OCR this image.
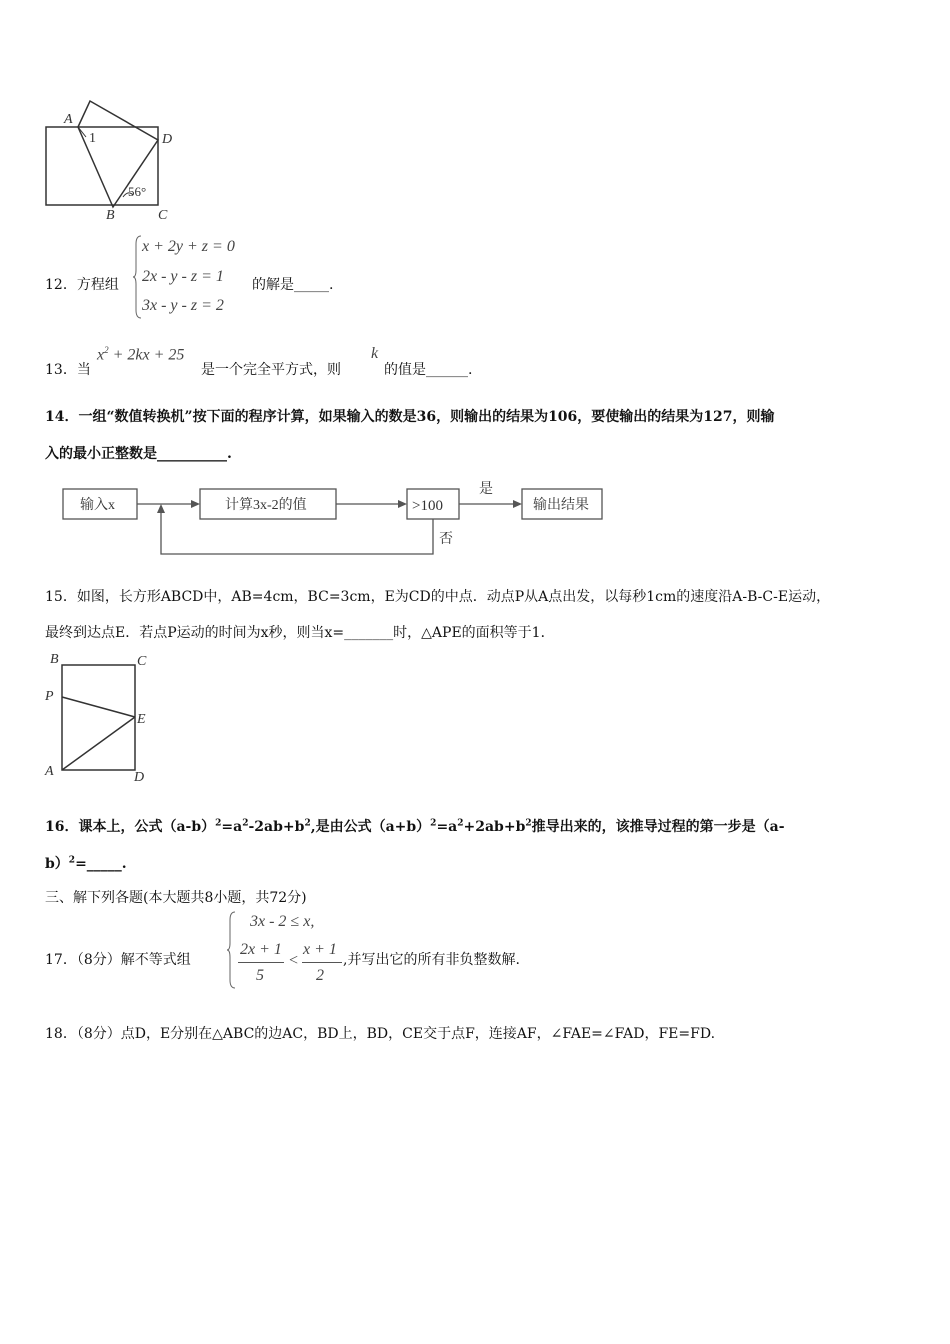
A
1	D
56°
B	C
12．方程组
x + 2y + z = 0
2x - y - z = 1
3x - y - z = 2
的解是_____.
13．当
$x^2 + 2kx + 25$
是一个完全平方式，则
k
的值是______.
14．一组“数值转换机”按下面的程序计算，如果输入的数是36，则输出的结果为106，要使输出的结果为127，则输
入的最小正整数是__________.
输入x	计算3x-2的值	>100	输出结果
是
否
15．如图，长方形ABCD中，AB=4cm，BC=3cm，E为CD的中点．动点P从A点出发，以每秒1cm的速度沿A-B-C-E运动，
最终到达点E．若点P运动的时间为x秒，则当x=_______时，△APE的面积等于1．
B	C
P
E
A	D
16．课本上，公式$(a-b)^2=a^2-2ab+b^2$,是由公式$(a+b)^2=a^2+2ab+b^2$推导出来的，该推导过程的第一步是（a-
b）$^2$=_____.
三、解下列各题(本大题共8小题，共72分)
17．（8分）解不等式组
3x - 2 ≤ x,
2x + 1
5
<
x + 1
2
,并写出它的所有非负整数解.
18．（8分）点D，E分别在△ABC的边AC，BD上，BD，CE交于点F，连接AF，∠FAE=∠FAD，FE=FD.
